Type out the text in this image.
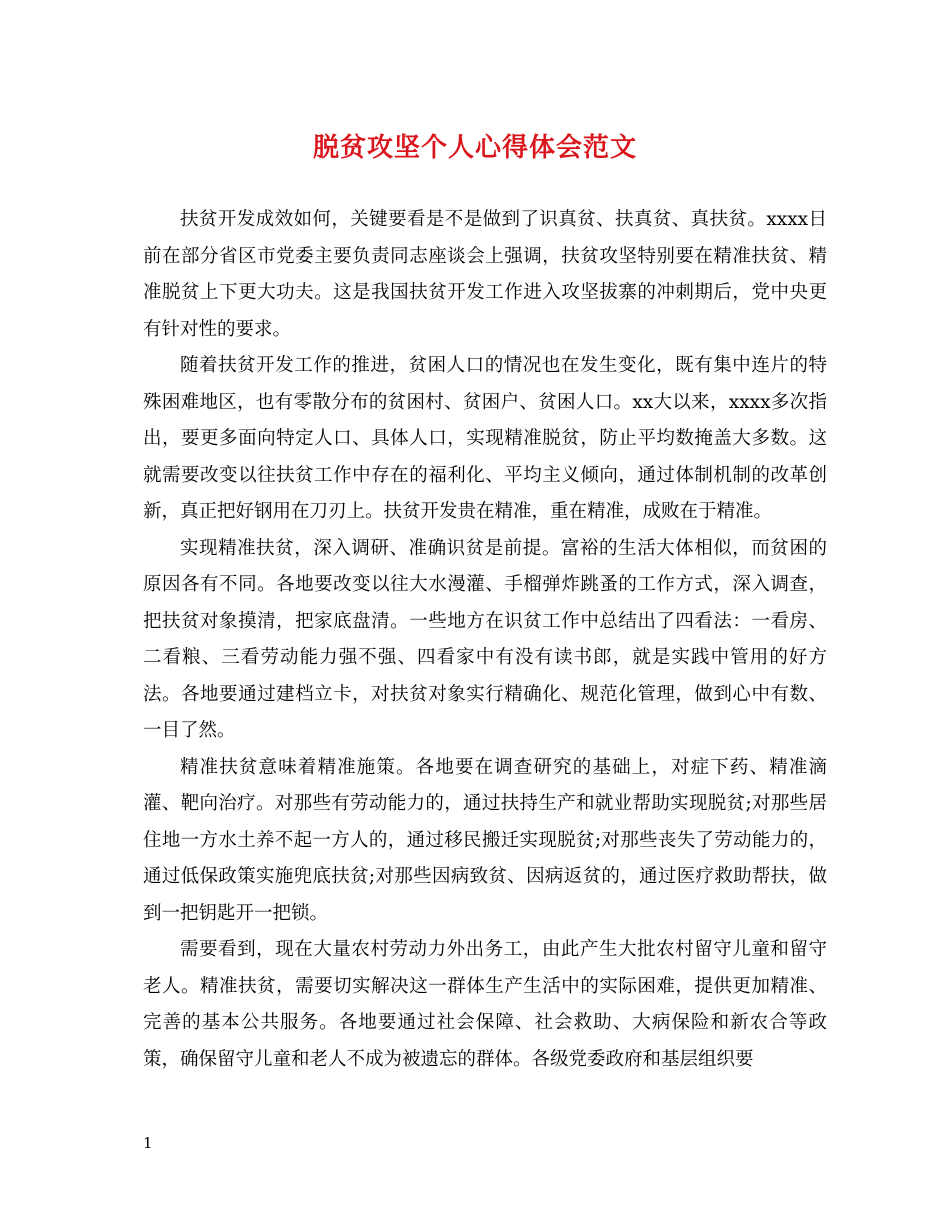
脱贫攻坚个人心得体会范文

扶贫开发成效如何，关键要看是不是做到了识真贫、扶真贫、真扶贫。xxxx日前在部分省区市党委主要负责同志座谈会上强调，扶贫攻坚特别要在精准扶贫、精准脱贫上下更大功夫。这是我国扶贫开发工作进入攻坚拔寨的冲刺期后，党中央更有针对性的要求。

随着扶贫开发工作的推进，贫困人口的情况也在发生变化，既有集中连片的特殊困难地区，也有零散分布的贫困村、贫困户、贫困人口。xx大以来，xxxx多次指出，要更多面向特定人口、具体人口，实现精准脱贫，防止平均数掩盖大多数。这就需要改变以往扶贫工作中存在的福利化、平均主义倾向，通过体制机制的改革创新，真正把好钢用在刀刃上。扶贫开发贵在精准，重在精准，成败在于精准。

实现精准扶贫，深入调研、准确识贫是前提。富裕的生活大体相似，而贫困的原因各有不同。各地要改变以往大水漫灌、手榴弹炸跳蚤的工作方式，深入调查，把扶贫对象摸清，把家底盘清。一些地方在识贫工作中总结出了四看法：一看房、二看粮、三看劳动能力强不强、四看家中有没有读书郎，就是实践中管用的好方法。各地要通过建档立卡，对扶贫对象实行精确化、规范化管理，做到心中有数、一目了然。

精准扶贫意味着精准施策。各地要在调查研究的基础上，对症下药、精准滴灌、靶向治疗。对那些有劳动能力的，通过扶持生产和就业帮助实现脱贫;对那些居住地一方水土养不起一方人的，通过移民搬迁实现脱贫;对那些丧失了劳动能力的，通过低保政策实施兜底扶贫;对那些因病致贫、因病返贫的，通过医疗救助帮扶，做到一把钥匙开一把锁。

需要看到，现在大量农村劳动力外出务工，由此产生大批农村留守儿童和留守老人。精准扶贫，需要切实解决这一群体生产生活中的实际困难，提供更加精准、完善的基本公共服务。各地要通过社会保障、社会救助、大病保险和新农合等政策，确保留守儿童和老人不成为被遗忘的群体。各级党委政府和基层组织要

1
